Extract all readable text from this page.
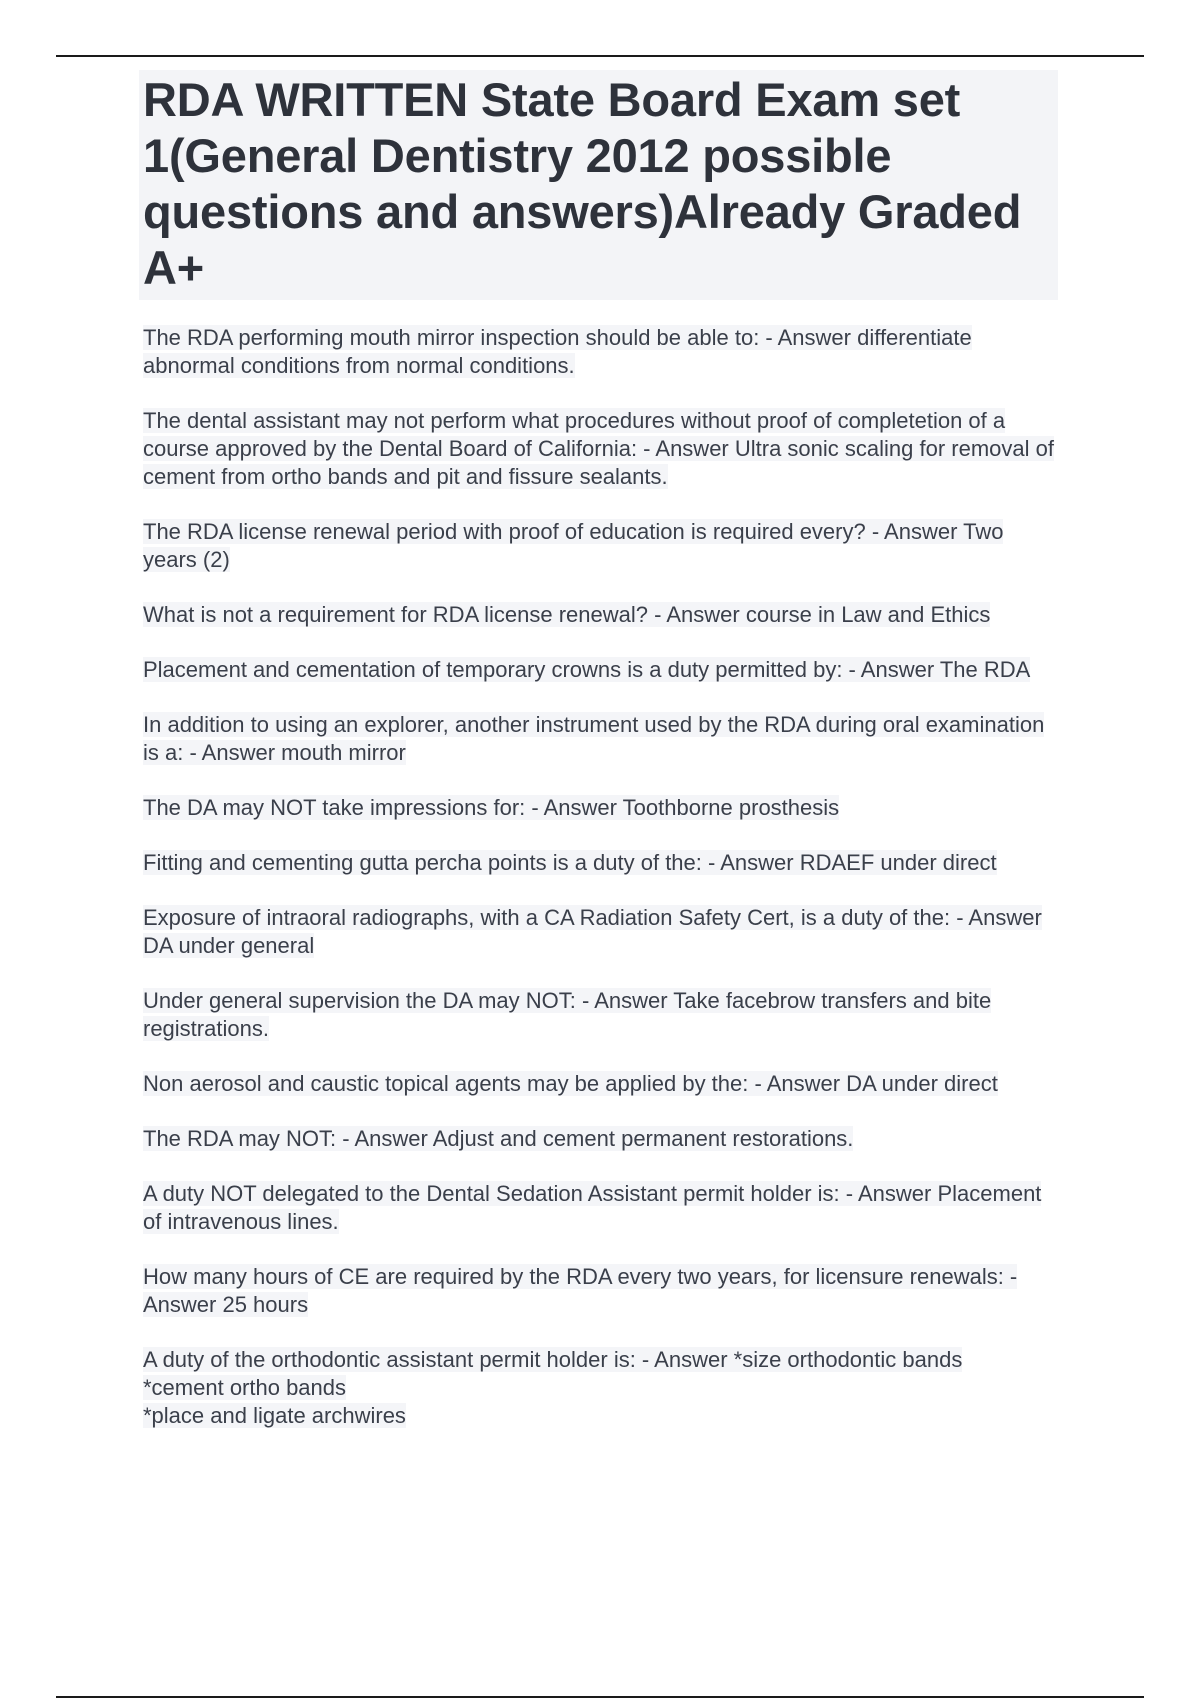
RDA WRITTEN State Board Exam set 1(General Dentistry 2012 possible questions and answers)Already Graded A+

The RDA performing mouth mirror inspection should be able to: - Answer differentiate abnormal conditions from normal conditions.

The dental assistant may not perform what procedures without proof of completetion of a course approved by the Dental Board of California: - Answer Ultra sonic scaling for removal of cement from ortho bands and pit and fissure sealants.

The RDA license renewal period with proof of education is required every? - Answer Two years (2)

What is not a requirement for RDA license renewal? - Answer course in Law and Ethics

Placement and cementation of temporary crowns is a duty permitted by: - Answer The RDA

In addition to using an explorer, another instrument used by the RDA during oral examination is a: - Answer mouth mirror

The DA may NOT take impressions for: - Answer Toothborne prosthesis

Fitting and cementing gutta percha points is a duty of the: - Answer RDAEF under direct

Exposure of intraoral radiographs, with a CA Radiation Safety Cert, is a duty of the: - Answer DA under general

Under general supervision the DA may NOT: - Answer Take facebrow transfers and bite registrations.

Non aerosol and caustic topical agents may be applied by the: - Answer DA under direct

The RDA may NOT: - Answer Adjust and cement permanent restorations.

A duty NOT delegated to the Dental Sedation Assistant permit holder is: - Answer Placement of intravenous lines.

How many hours of CE are required by the RDA every two years, for licensure renewals: - Answer 25 hours

A duty of the orthodontic assistant permit holder is: - Answer *size orthodontic bands
*cement ortho bands
*place and ligate archwires
